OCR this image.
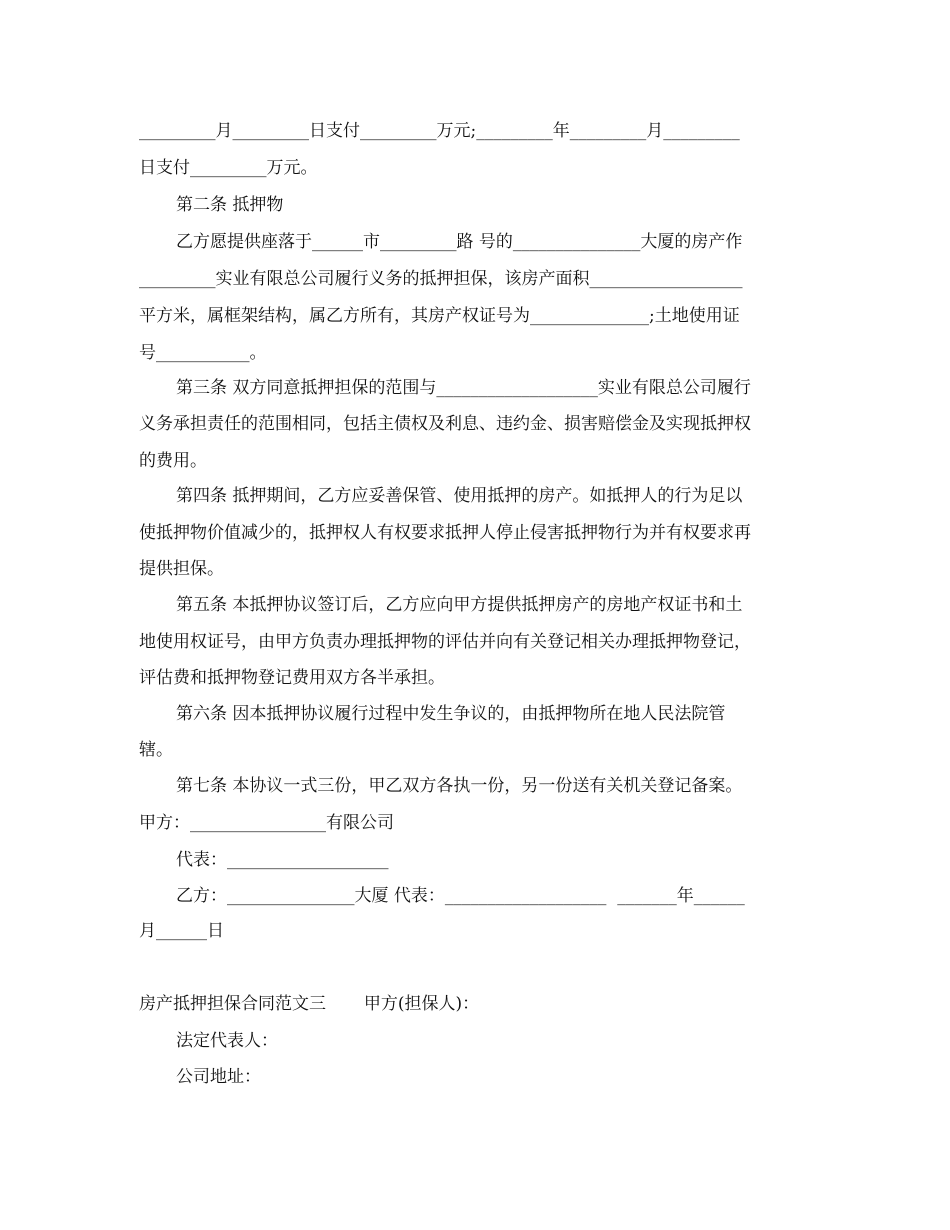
_________月_________日支付_________万元;_________年_________月_________

日支付_________万元。

第二条 抵押物

乙方愿提供座落于______市_________路 号的_______________大厦的房产作

_________实业有限总公司履行义务的抵押担保，该房产面积__________________

平方米，属框架结构，属乙方所有，其房产权证号为______________;土地使用证

号___________。

第三条 双方同意抵押担保的范围与___________________实业有限总公司履行

义务承担责任的范围相同，包括主债权及利息、违约金、损害赔偿金及实现抵押权

的费用。

第四条 抵押期间，乙方应妥善保管、使用抵押的房产。如抵押人的行为足以

使抵押物价值减少的，抵押权人有权要求抵押人停止侵害抵押物行为并有权要求再

提供担保。

第五条 本抵押协议签订后，乙方应向甲方提供抵押房产的房地产权证书和土

地使用权证号，由甲方负责办理抵押物的评估并向有关登记相关办理抵押物登记，

评估费和抵押物登记费用双方各半承担。

第六条 因本抵押协议履行过程中发生争议的，由抵押物所在地人民法院管

辖。

第七条 本协议一式三份，甲乙双方各执一份，另一份送有关机关登记备案。

甲方：________________有限公司

代表：___________________

乙方：_______________大厦 代表：___________________  _______年______

月______日

房产抵押担保合同范文三       甲方(担保人)：

法定代表人：

公司地址：
